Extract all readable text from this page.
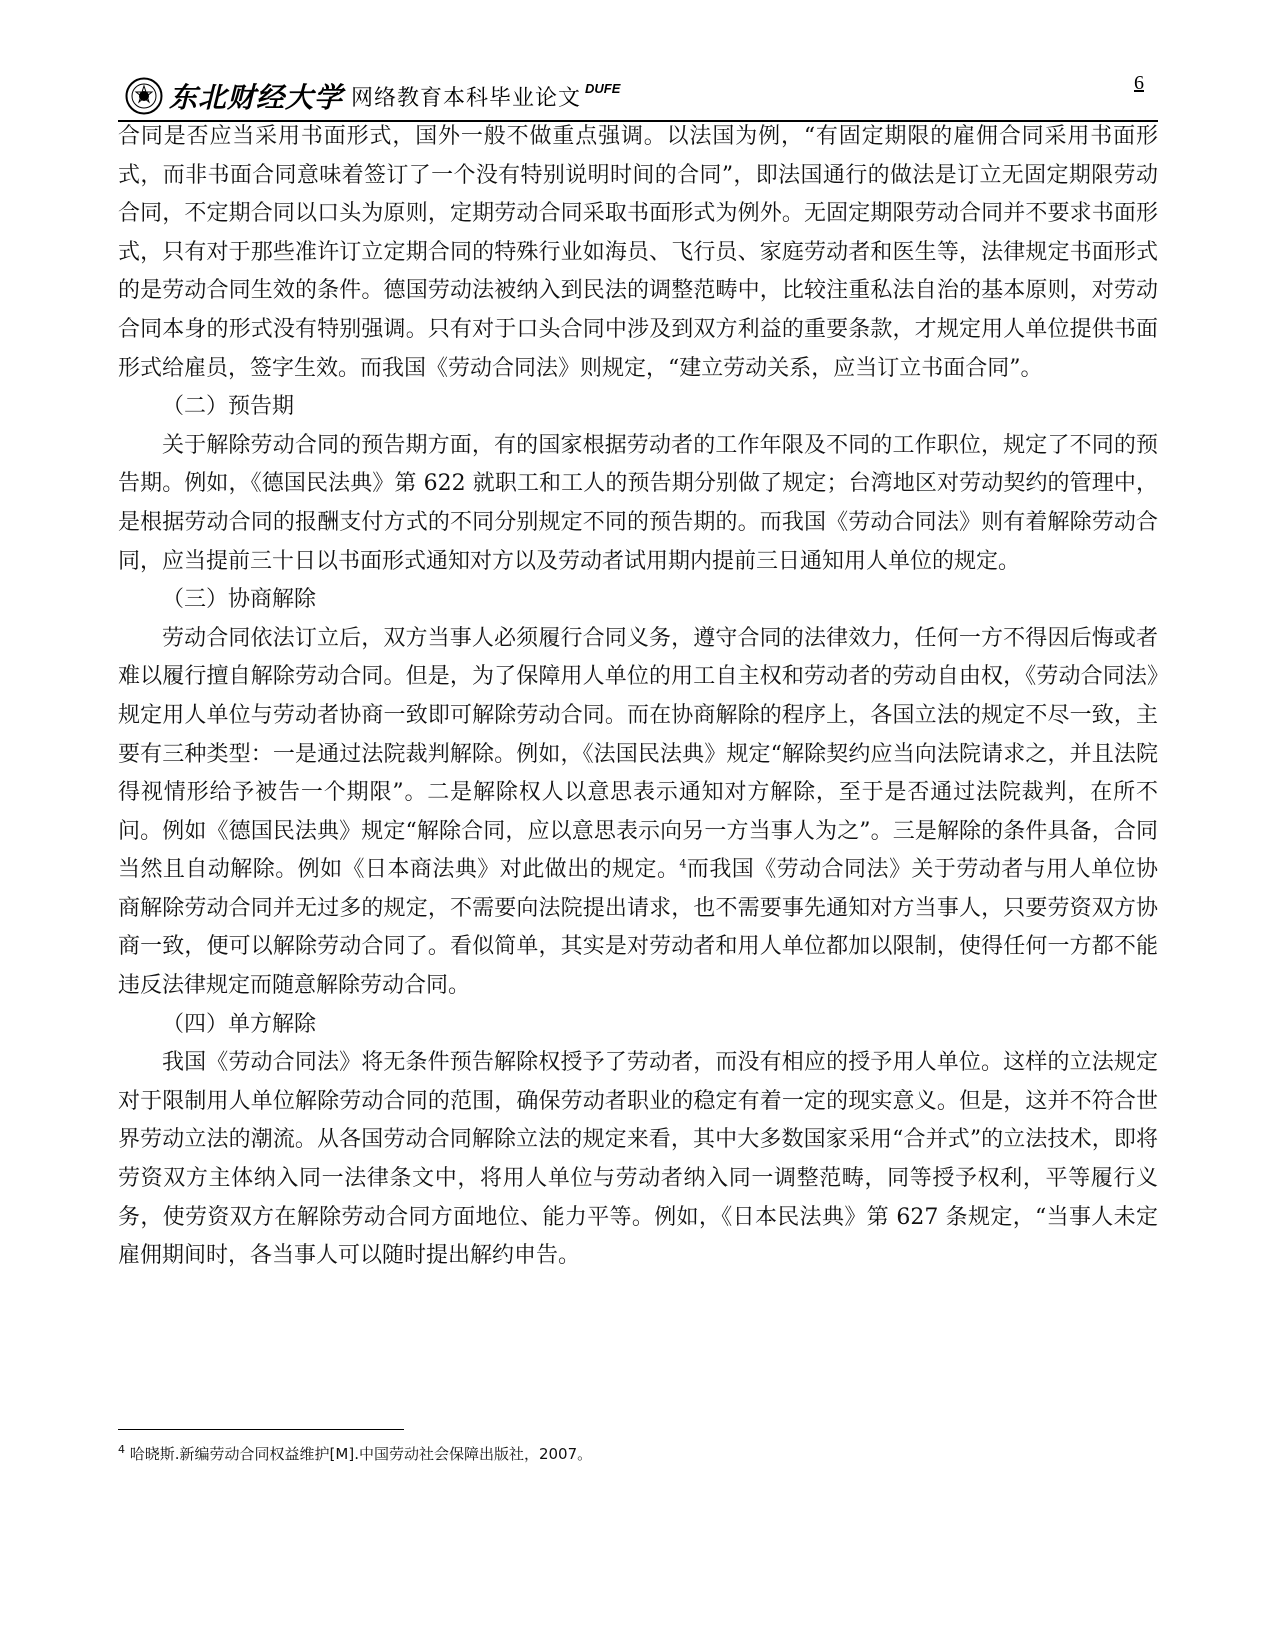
东北财经大学 网络教育本科毕业论文 DUFE	6

合同是否应当采用书面形式，国外一般不做重点强调。以法国为例，“有固定期限的雇佣合同采用书面形式，而非书面合同意味着签订了一个没有特别说明时间的合同”，即法国通行的做法是订立无固定期限劳动合同，不定期合同以口头为原则，定期劳动合同采取书面形式为例外。无固定期限劳动合同并不要求书面形式，只有对于那些准许订立定期合同的特殊行业如海员、飞行员、家庭劳动者和医生等，法律规定书面形式的是劳动合同生效的条件。德国劳动法被纳入到民法的调整范畴中，比较注重私法自治的基本原则，对劳动合同本身的形式没有特别强调。只有对于口头合同中涉及到双方利益的重要条款，才规定用人单位提供书面形式给雇员，签字生效。而我国《劳动合同法》则规定，“建立劳动关系，应当订立书面合同”。

（二）预告期

关于解除劳动合同的预告期方面，有的国家根据劳动者的工作年限及不同的工作职位，规定了不同的预告期。例如，《德国民法典》第 622 就职工和工人的预告期分别做了规定；台湾地区对劳动契约的管理中，是根据劳动合同的报酬支付方式的不同分别规定不同的预告期的。而我国《劳动合同法》则有着解除劳动合同，应当提前三十日以书面形式通知对方以及劳动者试用期内提前三日通知用人单位的规定。

（三）协商解除

劳动合同依法订立后，双方当事人必须履行合同义务，遵守合同的法律效力，任何一方不得因后悔或者难以履行擅自解除劳动合同。但是，为了保障用人单位的用工自主权和劳动者的劳动自由权，《劳动合同法》规定用人单位与劳动者协商一致即可解除劳动合同。而在协商解除的程序上，各国立法的规定不尽一致，主要有三种类型：一是通过法院裁判解除。例如，《法国民法典》规定“解除契约应当向法院请求之，并且法院得视情形给予被告一个期限”。二是解除权人以意思表示通知对方解除，至于是否通过法院裁判，在所不问。例如《德国民法典》规定“解除合同，应以意思表示向另一方当事人为之”。三是解除的条件具备，合同当然且自动解除。例如《日本商法典》对此做出的规定。$^4$而我国《劳动合同法》关于劳动者与用人单位协商解除劳动合同并无过多的规定，不需要向法院提出请求，也不需要事先通知对方当事人，只要劳资双方协商一致，便可以解除劳动合同了。看似简单，其实是对劳动者和用人单位都加以限制，使得任何一方都不能违反法律规定而随意解除劳动合同。

（四）单方解除

我国《劳动合同法》将无条件预告解除权授予了劳动者，而没有相应的授予用人单位。这样的立法规定对于限制用人单位解除劳动合同的范围，确保劳动者职业的稳定有着一定的现实意义。但是，这并不符合世界劳动立法的潮流。从各国劳动合同解除立法的规定来看，其中大多数国家采用“合并式”的立法技术，即将劳资双方主体纳入同一法律条文中，将用人单位与劳动者纳入同一调整范畴，同等授予权利，平等履行义务，使劳资双方在解除劳动合同方面地位、能力平等。例如，《日本民法典》第 627 条规定，“当事人未定雇佣期间时，各当事人可以随时提出解约申告。

$^4$ 哈晓斯.新编劳动合同权益维护[M].中国劳动社会保障出版社，2007。
